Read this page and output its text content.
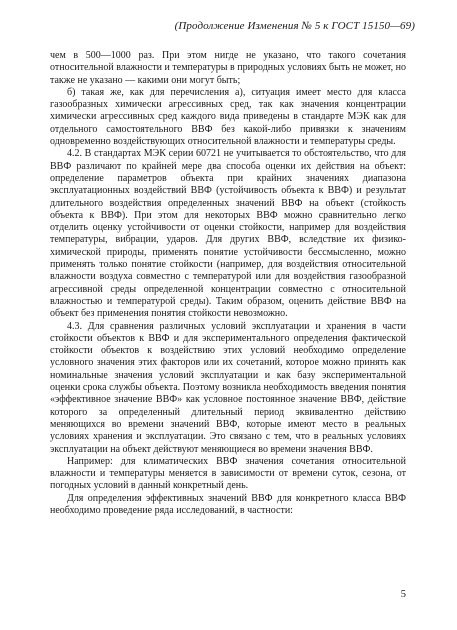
(Продолжение Изменения № 5 к ГОСТ 15150—69)

чем в 500—1000 раз. При этом нигде не указано, что такого сочетания относительной влажности и температуры в природных условиях быть не может, но также не указано — какими они могут быть;

б) такая же, как для перечисления а), ситуация имеет место для класса газообразных химически агрессивных сред, так как значения концентрации химически агрессивных сред каждого вида приведены в стандарте МЭК как для отдельного самостоятельного ВВФ без какой-либо привязки к значениям одновременно воздействующих относительной влажности и температуры среды.

4.2. В стандартах МЭК серии 60721 не учитывается то обстоятельство, что для ВВФ различают по крайней мере два способа оценки их действия на объект: определение параметров объекта при крайних значениях диапазона эксплуатационных воздействий ВВФ (устойчивость объекта к ВВФ) и результат длительного воздействия определенных значений ВВФ на объект (стойкость объекта к ВВФ). При этом для некоторых ВВФ можно сравнительно легко отделить оценку устойчивости от оценки стойкости, например для воздействия температуры, вибрации, ударов. Для других ВВФ, вследствие их физико-химической природы, применять понятие устойчивости бессмысленно, можно применять только понятие стойкости (например, для воздействия относительной влажности воздуха совместно с температурой или для воздействия газообразной агрессивной среды определенной концентрации совместно с относительной влажностью и температурой среды). Таким образом, оценить действие ВВФ на объект без применения понятия стойкости невозможно.

4.3. Для сравнения различных условий эксплуатации и хранения в части стойкости объектов к ВВФ и для экспериментального определения фактической стойкости объектов к воздействию этих условий необходимо определение условного значения этих факторов или их сочетаний, которое можно принять как номинальные значения условий эксплуатации и как базу экспериментальной оценки срока службы объекта. Поэтому возникла необходимость введения понятия «эффективное значение ВВФ» как условное постоянное значение ВВФ, действие которого за определенный длительный период эквивалентно действию меняющихся во времени значений ВВФ, которые имеют место в реальных условиях хранения и эксплуатации. Это связано с тем, что в реальных условиях эксплуатации на объект действуют меняющиеся во времени значения ВВФ.

Например: для климатических ВВФ значения сочетания относительной влажности и температуры меняется в зависимости от времени суток, сезона, от погодных условий в данный конкретный день.

Для определения эффективных значений ВВФ для конкретного класса ВВФ необходимо проведение ряда исследований, в частности:

5
